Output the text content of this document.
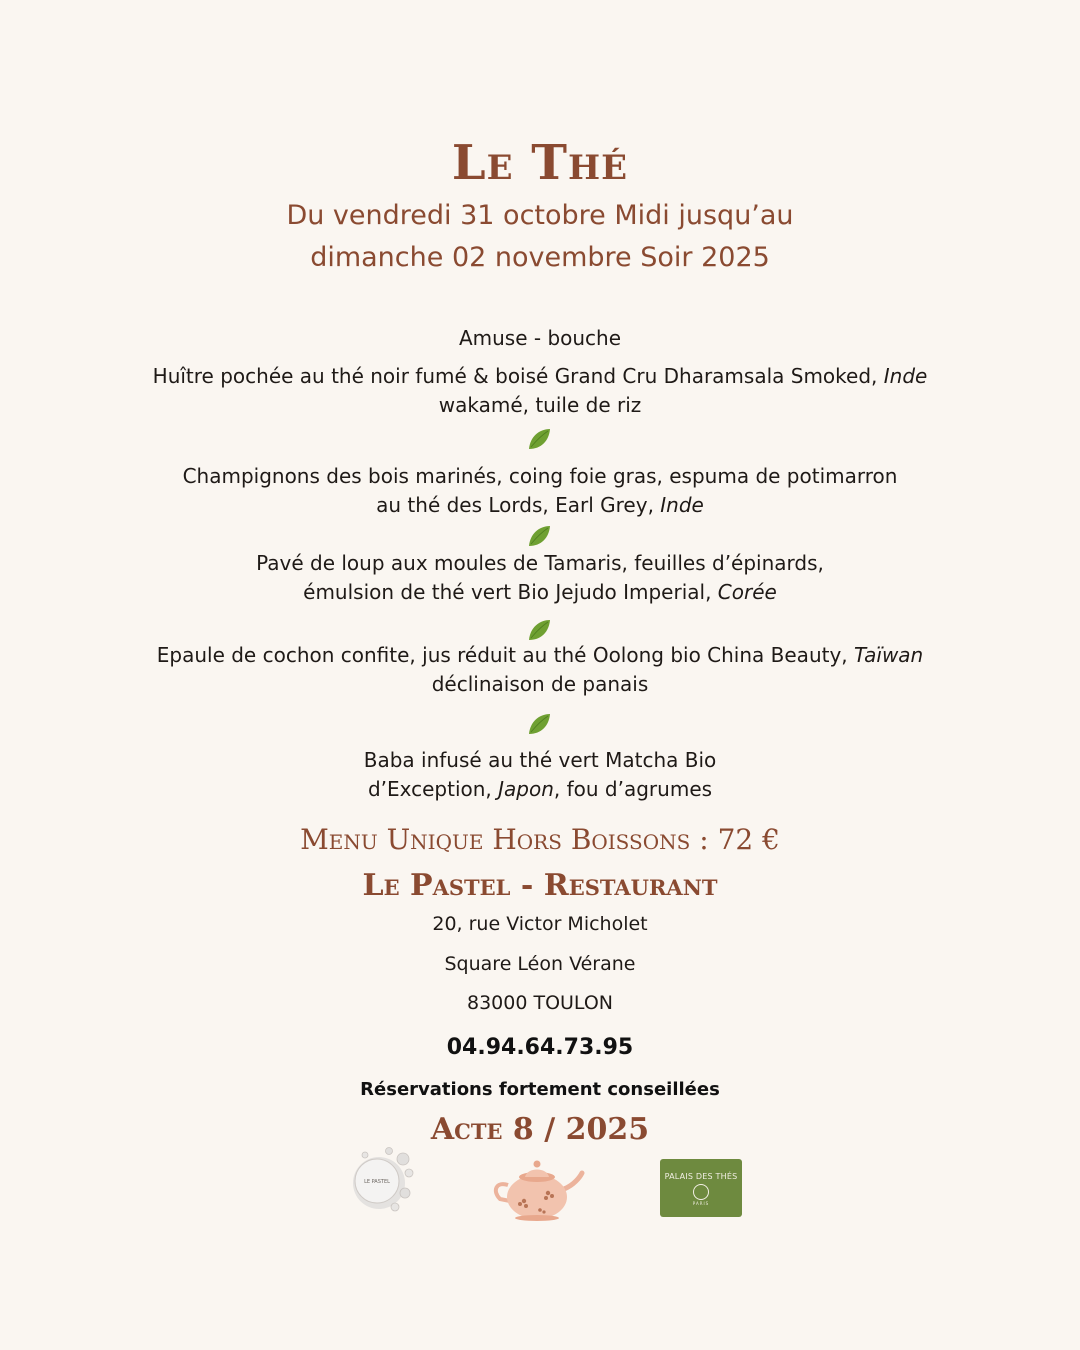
Le Thé
Du vendredi 31 octobre Midi jusqu’au
dimanche 02 novembre Soir 2025
Amuse - bouche
Huître pochée au thé noir fumé & boisé Grand Cru Dharamsala Smoked, Inde
wakamé, tuile de riz
Champignons des bois marinés, coing foie gras, espuma de potimarron
au thé des Lords, Earl Grey, Inde
Pavé de loup aux moules de Tamaris, feuilles d’épinards,
émulsion de thé vert Bio Jejudo Imperial, Corée
Epaule de cochon confite, jus réduit au thé Oolong bio China Beauty, Taïwan
déclinaison de panais
Baba infusé au thé vert Matcha Bio
d’Exception, Japon, fou d’agrumes
Menu Unique Hors Boissons : 72 €
Le Pastel - Restaurant
20, rue Victor Micholet
Square Léon Vérane
83000 TOULON
04.94.64.73.95
Réservations fortement conseillées
Acte 8 / 2025
LE PASTEL
PALAIS DES THÉS
PARIS
